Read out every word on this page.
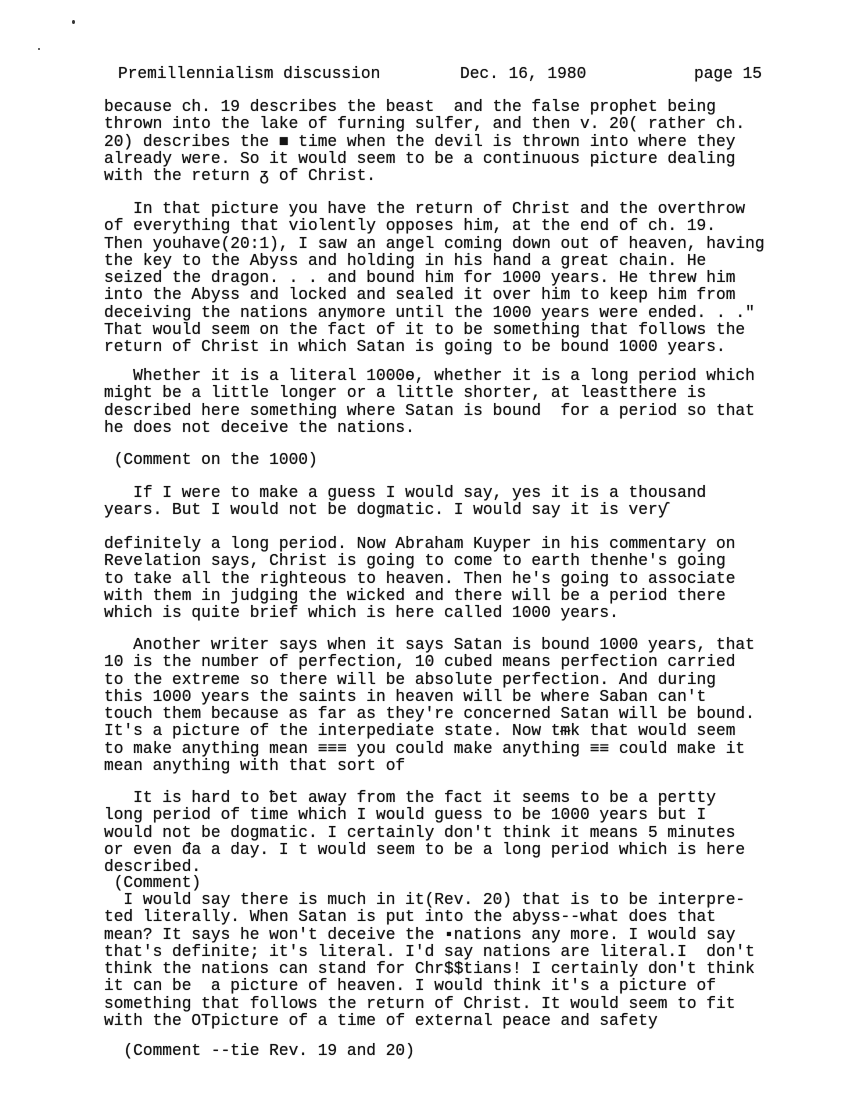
Premillennialism discussion

	Dec. 16, 1980

	page 15

because ch. 19 describes the beast  and the false prophet being
thrown into the lake of furning sulfer, and then v. 20( rather ch.
20) describes the ■ time when the devil is thrown into where they
already were. So it would seem to be a continuous ҏicture dealing
with the return ᵹ of Christ.
In that picture you have the return of Christ and the overthrow
of everything that violently opposes him, at the end of ch. 19.
Then youhave(20:1), I saw an angel coming down out of heaven, having
the key to the Abyss and holding in his hand a great chain. He
seized the dragon. . . and bound him for 1000 years. He threw him
into the Abyss and locked and sealed it over him to keep him from
deceiving the nations anymore until the 1000 years were ended. . ."
That would seem on the fact of it to be something that follows the
return of Christ in which Satan is going to be bound 1000 years.
Whether it is a literal 1000ѳ, whether it is a long period which
might be a little longer or a little shorter, at leastthere is
described here something where Satan is bound  for a period so that
he does not deceive the nations.
(Comment on the 1000)
If I were to make a guess I would say, yes it is a thousand
years. But I would not be dogmatic. I would say it is verƴ
definitely a long period. Now Abraham Kuyper in his commentary on
Revelation says, Christ is going to come to earth thenhe's going
to take all the righteous to heaven. Then he's going to associate
with them in judging the wicked and there will be a period there
which is quite brief which is here called 1000 years.
Another writer says when it says Satan is bound 1000 years, that
10 is the number of perfection, 10 cubed means perfection carried
to the extreme so there will be absolute perfection. And during
this 1000 years the saints in heaven will be where Saban can't
touch them because as far as they're concerned Satan will be bound.
It's a picture of the interpediate state. Now tᵯk that would seem
to make anything mean ≡≡≡ you could make anything ≡≡ could make it
mean anything with that sort of
It is hard to ƀet away from the fact it seems to be a pertty
long period of time which I would guess to be 1000 years but I
would not be dogmatic. I certainly don't think it means 5 minutes
or even đa a day. I t would seem to be a long period which is here
described.
(Comment)
I would say there is much in it(Rev. 20) that is to be interpre-
ted literally. When Satan is put into the abyss--what does that
mean? It says he won't deceive the ▪nations any more. I would say
that's definite; it's literal. I'd say nations are literal.I  don't
think the nations can stand for Chr$$tians! I certainly don't think
it can be  a picture of heaven. I would think it's a picture of
something that follows the return of Christ. It would seem to fit
with the OTpicture of a time of external peace and safety
(Comment --tie Rev. 19 and 20)
